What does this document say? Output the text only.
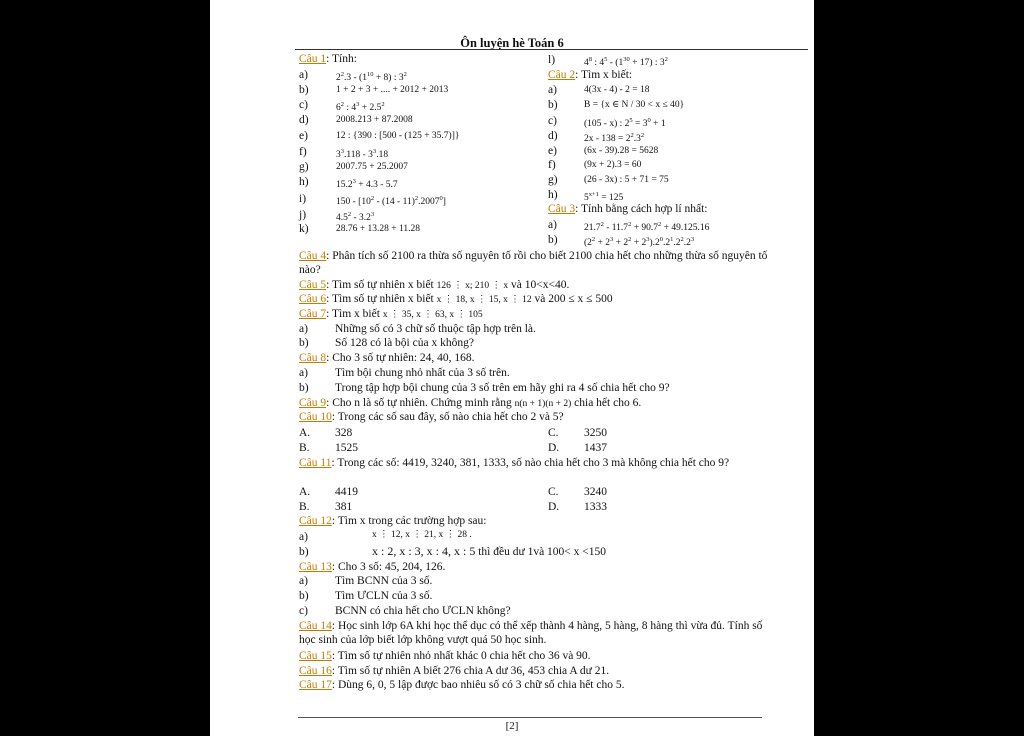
Ôn luyện hè Toán 6
Câu 1: Tính:
Câu 2: Tìm x biết:
Câu 3: Tính bằng cách hợp lí nhất:
Câu 4: Phân tích số 2100 ra thừa số nguyên tố rồi cho biết 2100 chia hết cho những thừa số nguyên tố nào?
Câu 5: Tìm số tự nhiên x biết 126 ⋮ x; 210 ⋮ x và 10<x<40.
Câu 6: Tìm số tự nhiên x biết x ⋮ 18, x ⋮ 15, x ⋮ 12 và 200 ≤ x ≤ 500
Câu 7: Tìm x biết x ⋮ 35, x ⋮ 63, x ⋮ 105
Câu 8: Cho 3 số tự nhiên: 24, 40, 168.
Câu 9: Cho n là số tự nhiên. Chứng minh rằng n(n + 1)(n + 2) chia hết cho 6.
Câu 10: Trong các số sau đây, số nào chia hết cho 2 và 5?
Câu 11: Trong các số: 4419, 3240, 381, 1333, số nào chia hết cho 3 mà không chia hết cho 9?
Câu 12: Tìm x trong các trường hợp sau:
a)	x ⋮ 12, x ⋮ 21, x ⋮ 28 .
b)	x : 2, x : 3, x : 4, x : 5 thì đều dư 1và 100< x <150
Câu 13: Cho 3 số: 45, 204, 126.
Câu 14: Học sinh lớp 6A khi học thể dục có thể xếp thành 4 hàng, 5 hàng, 8 hàng thì vừa đủ. Tính số học sinh của lớp biết lớp không vượt quá 50 học sinh.
Câu 15: Tìm số tự nhiên nhỏ nhất khác 0 chia hết cho 36 và 90.
Câu 16: Tìm số tự nhiên A biết 276 chia A dư 36, 453 chia A dư 21.
Câu 17: Dùng 6, 0, 5 lập được bao nhiêu số có 3 chữ số chia hết cho 5.
[2]
a)	$2^2.3 - (1^{10} + 8)$ : $3^2$
b)	1 + 2 + 3 + .... + 2012 + 2013
c)	$6^2$ : $4^3 + 2.5^2$
d)	2008.213 + 87.2008
e)	12 : {390 : [500 - (125 + 35.7)]}
f)	$3^3.118 - 3^3.18$
g)	2007.75 + 25.2007
h)	$15.2^3 + 4.3 - 5.7$
i)	$150 - [10^2 - (14 - 11)^2.2007^0]$
j)	$4.5^2 - 3.2^3$
k)	28.76 + 13.28 + 11.28
l)	$4^8$ : $4^5 - (1^{30} + 17)$ : $3^2$
a)	4(3x - 4) - 2 = 18
b)	B = {x ∈ N / 30 < x ≤ 40}
c)	(105 - x) : $2^5 = 3^0 + 1$
d)	$2x - 138 = 2^2.3^2$
e)	(6x - 39).28 = 5628
f)	(9x + 2).3 = 60
g)	(26 - 3x) : 5 + 71 = 75
h)	$5^{x+1} = 125$
a)	$21.7^2 - 11.7^2 + 90.7^2 + 49.125.16$
b)	$(2^2 + 2^3 + 2^2 + 2^3).2^0.2^1.2^2.2^3$
a) Những số có 3 chữ số thuộc tập hợp trên là.
b) Số 128 có là bội của x không?
a) Tìm bội chung nhỏ nhất của 3 số trên.
b) Trong tập hợp bội chung của 3 số trên em hãy ghi ra 4 số chia hết cho 9?
a) Tìm BCNN của 3 số.
b) Tìm ƯCLN của 3 số.
c) BCNN có chia hết cho ƯCLN không?
A. 328
B. 1525
C. 3250
D. 1437
A. 4419
B. 381
C. 3240
D. 1333
